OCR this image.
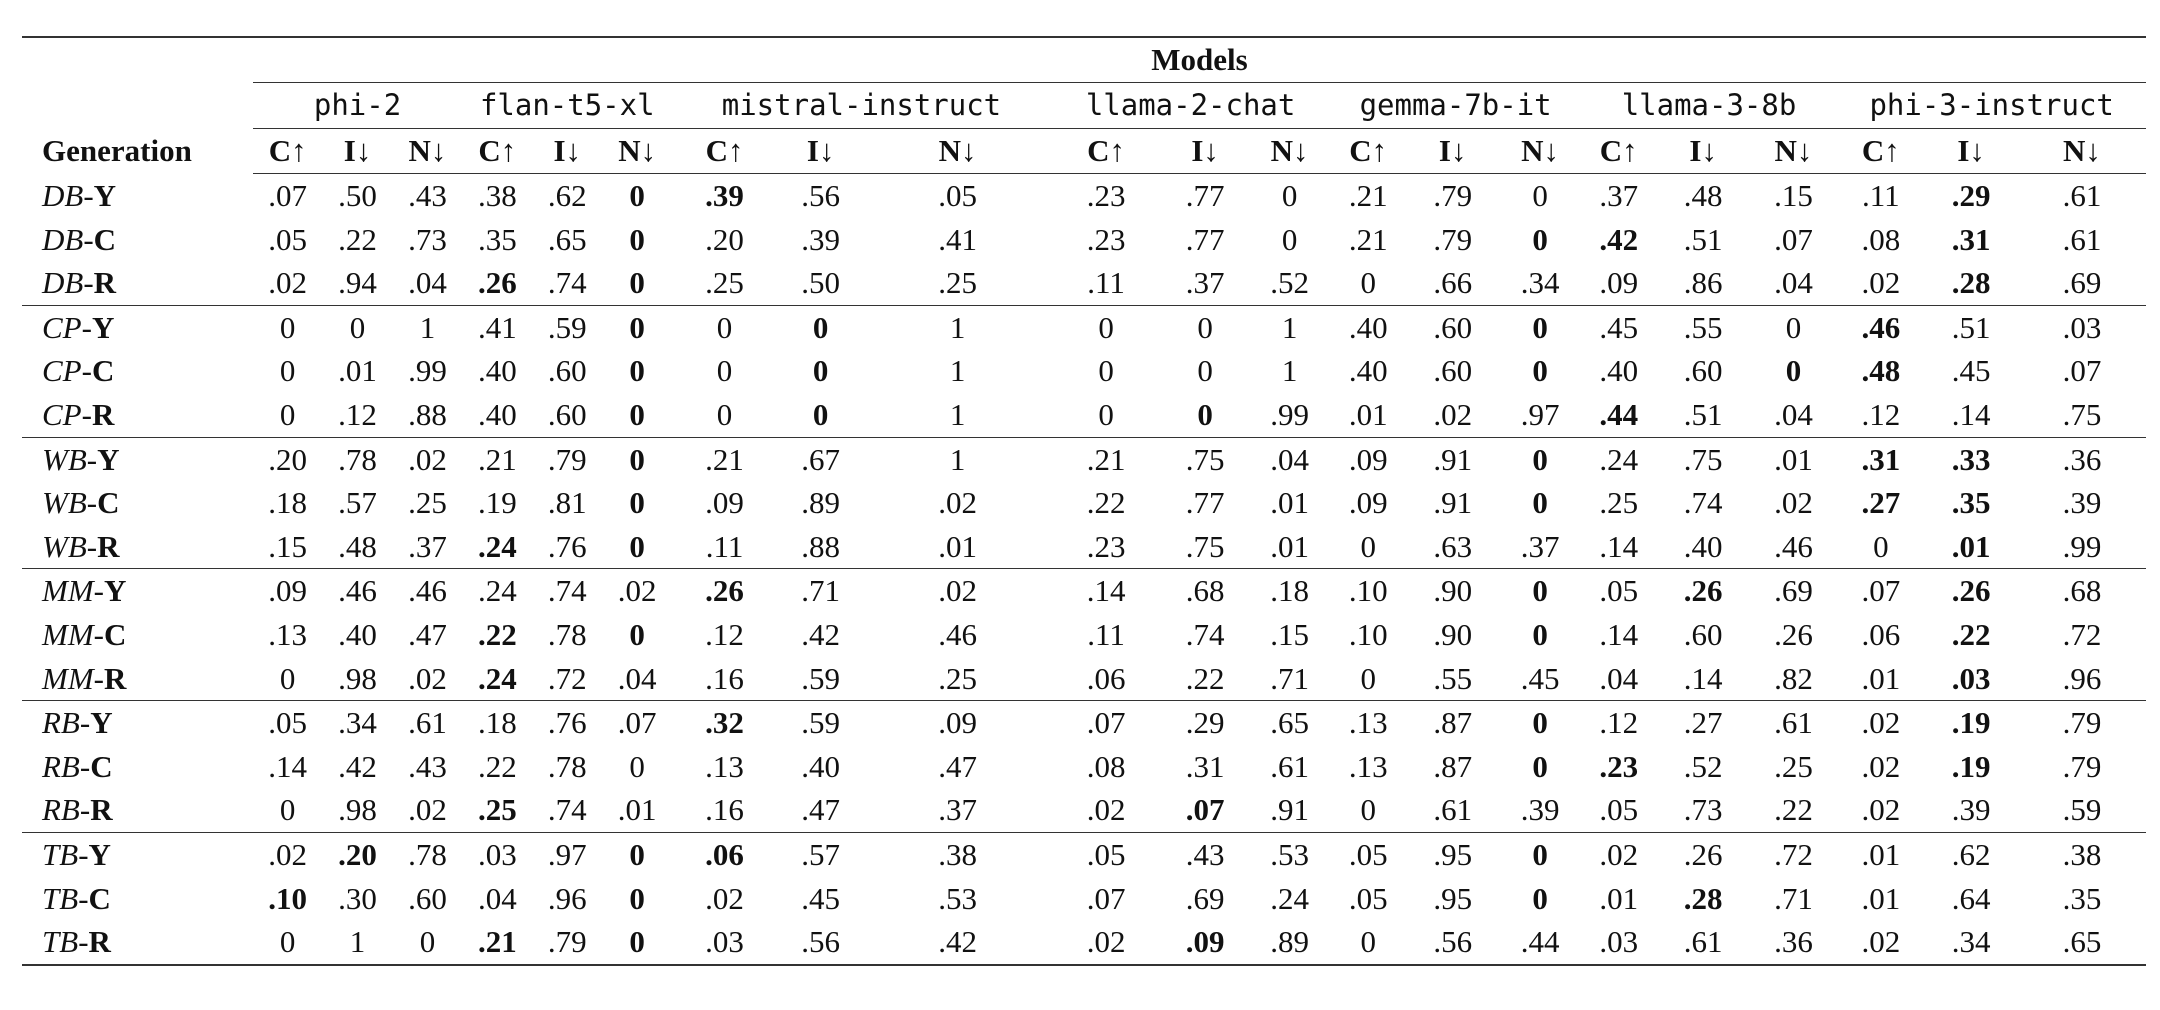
	Models																				
	phi-2			flan-t5-xl			mistral-instruct			llama-2-chat			gemma-7b-it			llama-3-8b			phi-3-instruct		
Generation	C↑	I↓	N↓	C↑	I↓	N↓	C↑	I↓	N↓	C↑	I↓	N↓	C↑	I↓	N↓	C↑	I↓	N↓	C↑	I↓	N↓
DB-Y	.07	.50	.43	.38	.62	0	.39	.56	.05	.23	.77	0	.21	.79	0	.37	.48	.15	.11	.29	.61
DB-C	.05	.22	.73	.35	.65	0	.20	.39	.41	.23	.77	0	.21	.79	0	.42	.51	.07	.08	.31	.61
DB-R	.02	.94	.04	.26	.74	0	.25	.50	.25	.11	.37	.52	0	.66	.34	.09	.86	.04	.02	.28	.69
CP-Y	0	0	1	.41	.59	0	0	0	1	0	0	1	.40	.60	0	.45	.55	0	.46	.51	.03
CP-C	0	.01	.99	.40	.60	0	0	0	1	0	0	1	.40	.60	0	.40	.60	0	.48	.45	.07
CP-R	0	.12	.88	.40	.60	0	0	0	1	0	0	.99	.01	.02	.97	.44	.51	.04	.12	.14	.75
WB-Y	.20	.78	.02	.21	.79	0	.21	.67	1	.21	.75	.04	.09	.91	0	.24	.75	.01	.31	.33	.36
WB-C	.18	.57	.25	.19	.81	0	.09	.89	.02	.22	.77	.01	.09	.91	0	.25	.74	.02	.27	.35	.39
WB-R	.15	.48	.37	.24	.76	0	.11	.88	.01	.23	.75	.01	0	.63	.37	.14	.40	.46	0	.01	.99
MM-Y	.09	.46	.46	.24	.74	.02	.26	.71	.02	.14	.68	.18	.10	.90	0	.05	.26	.69	.07	.26	.68
MM-C	.13	.40	.47	.22	.78	0	.12	.42	.46	.11	.74	.15	.10	.90	0	.14	.60	.26	.06	.22	.72
MM-R	0	.98	.02	.24	.72	.04	.16	.59	.25	.06	.22	.71	0	.55	.45	.04	.14	.82	.01	.03	.96
RB-Y	.05	.34	.61	.18	.76	.07	.32	.59	.09	.07	.29	.65	.13	.87	0	.12	.27	.61	.02	.19	.79
RB-C	.14	.42	.43	.22	.78	0	.13	.40	.47	.08	.31	.61	.13	.87	0	.23	.52	.25	.02	.19	.79
RB-R	0	.98	.02	.25	.74	.01	.16	.47	.37	.02	.07	.91	0	.61	.39	.05	.73	.22	.02	.39	.59
TB-Y	.02	.20	.78	.03	.97	0	.06	.57	.38	.05	.43	.53	.05	.95	0	.02	.26	.72	.01	.62	.38
TB-C	.10	.30	.60	.04	.96	0	.02	.45	.53	.07	.69	.24	.05	.95	0	.01	.28	.71	.01	.64	.35
TB-R	0	1	0	.21	.79	0	.03	.56	.42	.02	.09	.89	0	.56	.44	.03	.61	.36	.02	.34	.65
